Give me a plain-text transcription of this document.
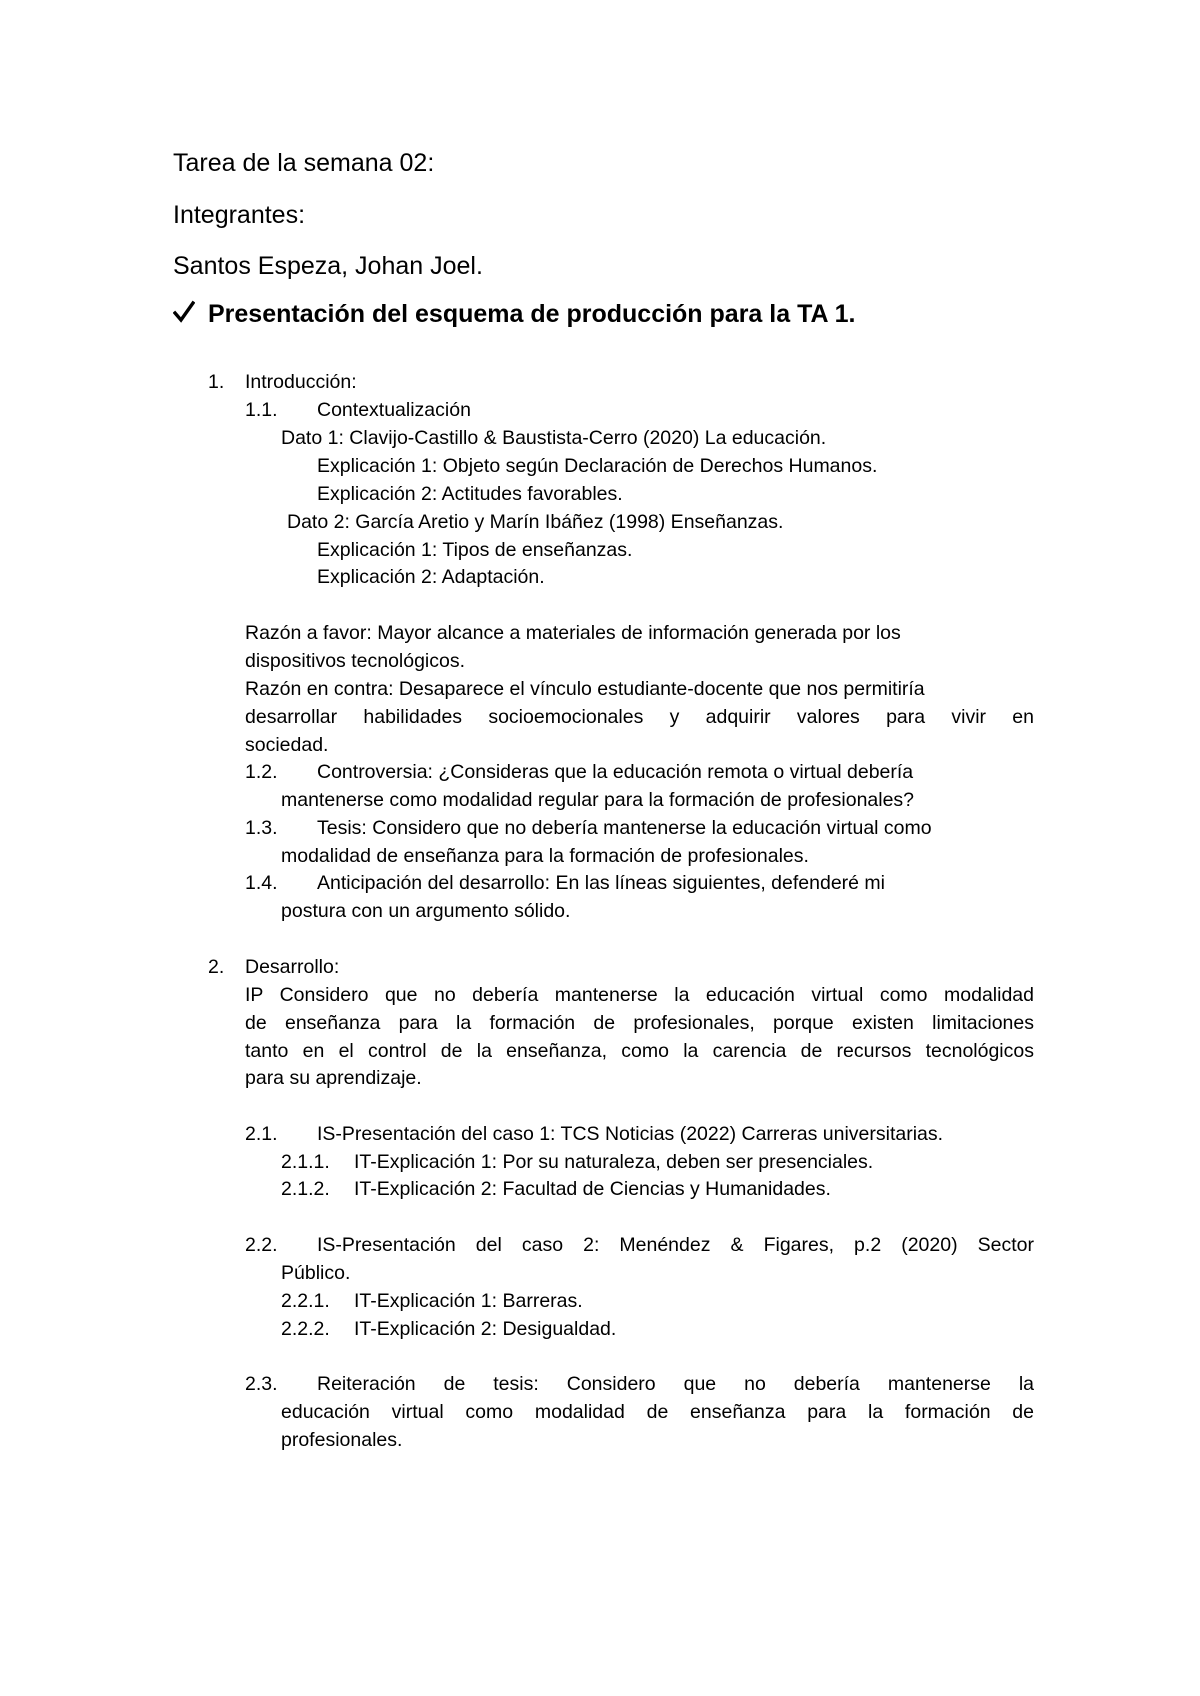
Tarea de la semana 02:
Integrantes:
Santos Espeza, Johan Joel.
Presentación del esquema de producción para la TA 1.
1. Introducción:
1.1. Contextualización
Dato 1: Clavijo-Castillo & Baustista-Cerro (2020) La educación.
Explicación 1: Objeto según Declaración de Derechos Humanos.
Explicación 2: Actitudes favorables.
Dato 2: García Aretio y Marín Ibáñez (1998) Enseñanzas.
Explicación 1: Tipos de enseñanzas.
Explicación 2: Adaptación.
Razón a favor: Mayor alcance a materiales de información generada por los
dispositivos tecnológicos.
Razón en contra: Desaparece el vínculo estudiante-docente que nos permitiría
desarrollar habilidades socioemocionales y adquirir valores para vivir en
sociedad.
1.2. Controversia: ¿Consideras que la educación remota o virtual debería
mantenerse como modalidad regular para la formación de profesionales?
1.3. Tesis: Considero que no debería mantenerse la educación virtual como
modalidad de enseñanza para la formación de profesionales.
1.4. Anticipación del desarrollo: En las líneas siguientes, defenderé mi
postura con un argumento sólido.
2. Desarrollo:
IP Considero que no debería mantenerse la educación virtual como modalidad
de enseñanza para la formación de profesionales, porque existen limitaciones
tanto en el control de la enseñanza, como la carencia de recursos tecnológicos
para su aprendizaje.
2.1. IS-Presentación del caso 1: TCS Noticias (2022) Carreras universitarias.
2.1.1. IT-Explicación 1: Por su naturaleza, deben ser presenciales.
2.1.2. IT-Explicación 2: Facultad de Ciencias y Humanidades.
2.2. IS-Presentación del caso 2: Menéndez & Figares, p.2 (2020) Sector
Público.
2.2.1. IT-Explicación 1: Barreras.
2.2.2. IT-Explicación 2: Desigualdad.
2.3. Reiteración de tesis: Considero que no debería mantenerse la
educación virtual como modalidad de enseñanza para la formación de
profesionales.
